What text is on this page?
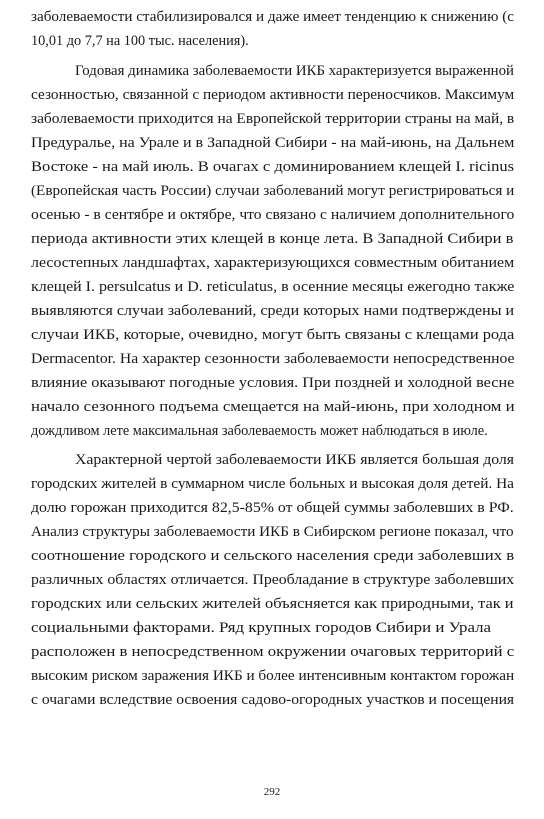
заболеваемости стабилизировался и даже имеет тенденцию к снижению (с
10,01 до 7,7 на 100 тыс. населения).
Годовая динамика заболеваемости ИКБ характеризуется выраженной
сезонностью, связанной с периодом активности переносчиков. Максимум
заболеваемости приходится на Европейской территории страны на май, в
Предуралье, на Урале и в Западной Сибири - на май-июнь, на Дальнем
Востоке - на май июль. В очагах с доминированием клещей I. ricinus
(Европейская часть России) случаи заболеваний могут регистрироваться и
осенью - в сентябре и октябре, что связано с наличием дополнительного
периода активности этих клещей в конце лета. В Западной Сибири в
лесостепных ландшафтах, характеризующихся совместным обитанием
клещей I. persulcatus и D. reticulatus, в осенние месяцы ежегодно также
выявляются случаи заболеваний, среди которых нами подтверждены и
случаи ИКБ, которые, очевидно, могут быть связаны с клещами рода
Dermacentor. На характер сезонности заболеваемости непосредственное
влияние оказывают погодные условия. При поздней и холодной весне
начало сезонного подъема смещается на май-июнь, при холодном и
дождливом лете максимальная заболеваемость может наблюдаться в июле.
Характерной чертой заболеваемости ИКБ является большая доля
городских жителей в суммарном числе больных и высокая доля детей. На
долю горожан приходится 82,5-85% от общей суммы заболевших в РФ.
Анализ структуры заболеваемости ИКБ в Сибирском регионе показал, что
соотношение городского и сельского населения среди заболевших в
различных областях отличается. Преобладание в структуре заболевших
городских или сельских жителей объясняется как природными, так и
социальными факторами. Ряд крупных городов Сибири и Урала
расположен в непосредственном окружении очаговых территорий с
высоким риском заражения ИКБ и более интенсивным контактом горожан
с очагами вследствие освоения садово-огородных участков и посещения
292
